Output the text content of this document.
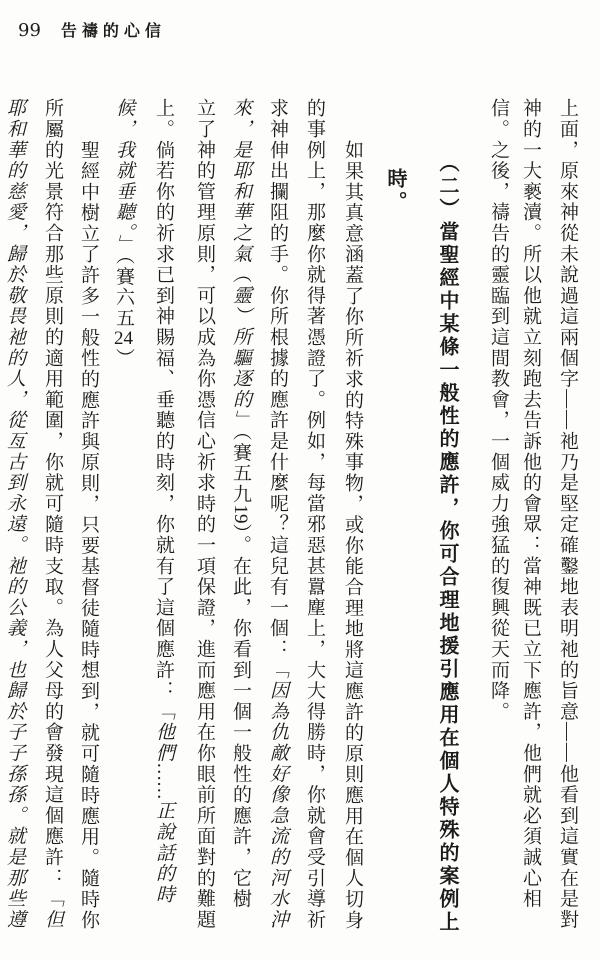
99 告禱的心信
上面，原來神從未說過這兩個字——祂乃是堅定確鑿地表明祂的旨意——他看到這實在是對
神的一大褻瀆。所以他就立刻跑去告訴他的會眾：當神既已立下應許，他們就必須誠心相
信。之後，禱告的靈臨到這間教會，一個威力強猛的復興從天而降。
（二）當聖經中某條一般性的應許，你可合理地援引應用在個人特殊的案例上
時。
如果其真意涵蓋了你所祈求的特殊事物，或你能合理地將這應許的原則應用在個人切身
的事例上，那麼你就得著憑證了。例如，每當邪惡甚囂塵上，大大得勝時，你就會受引導祈
求神伸出攔阻的手。你所根據的應許是什麼呢？這兒有一個：「因為仇敵好像急流的河水沖
來，是耶和華之氣（靈）所驅逐的」（賽五九19）。在此，你看到一個一般性的應許，它樹
立了神的管理原則，可以成為你憑信心祈求時的一項保證，進而應用在你眼前所面對的難題
上。倘若你的祈求已到神賜福、垂聽的時刻，你就有了這個應許：「他們……正說話的時
候，我就垂聽。」（賽六五24）
聖經中樹立了許多一般性的應許與原則，只要基督徒隨時想到，就可隨時應用。隨時你
所屬的光景符合那些原則的適用範圍，你就可隨時支取。為人父母的會發現這個應許：「但
耶和華的慈愛，歸於敬畏祂的人，從亙古到永遠。祂的公義，也歸於子子孫孫。就是那些遵
